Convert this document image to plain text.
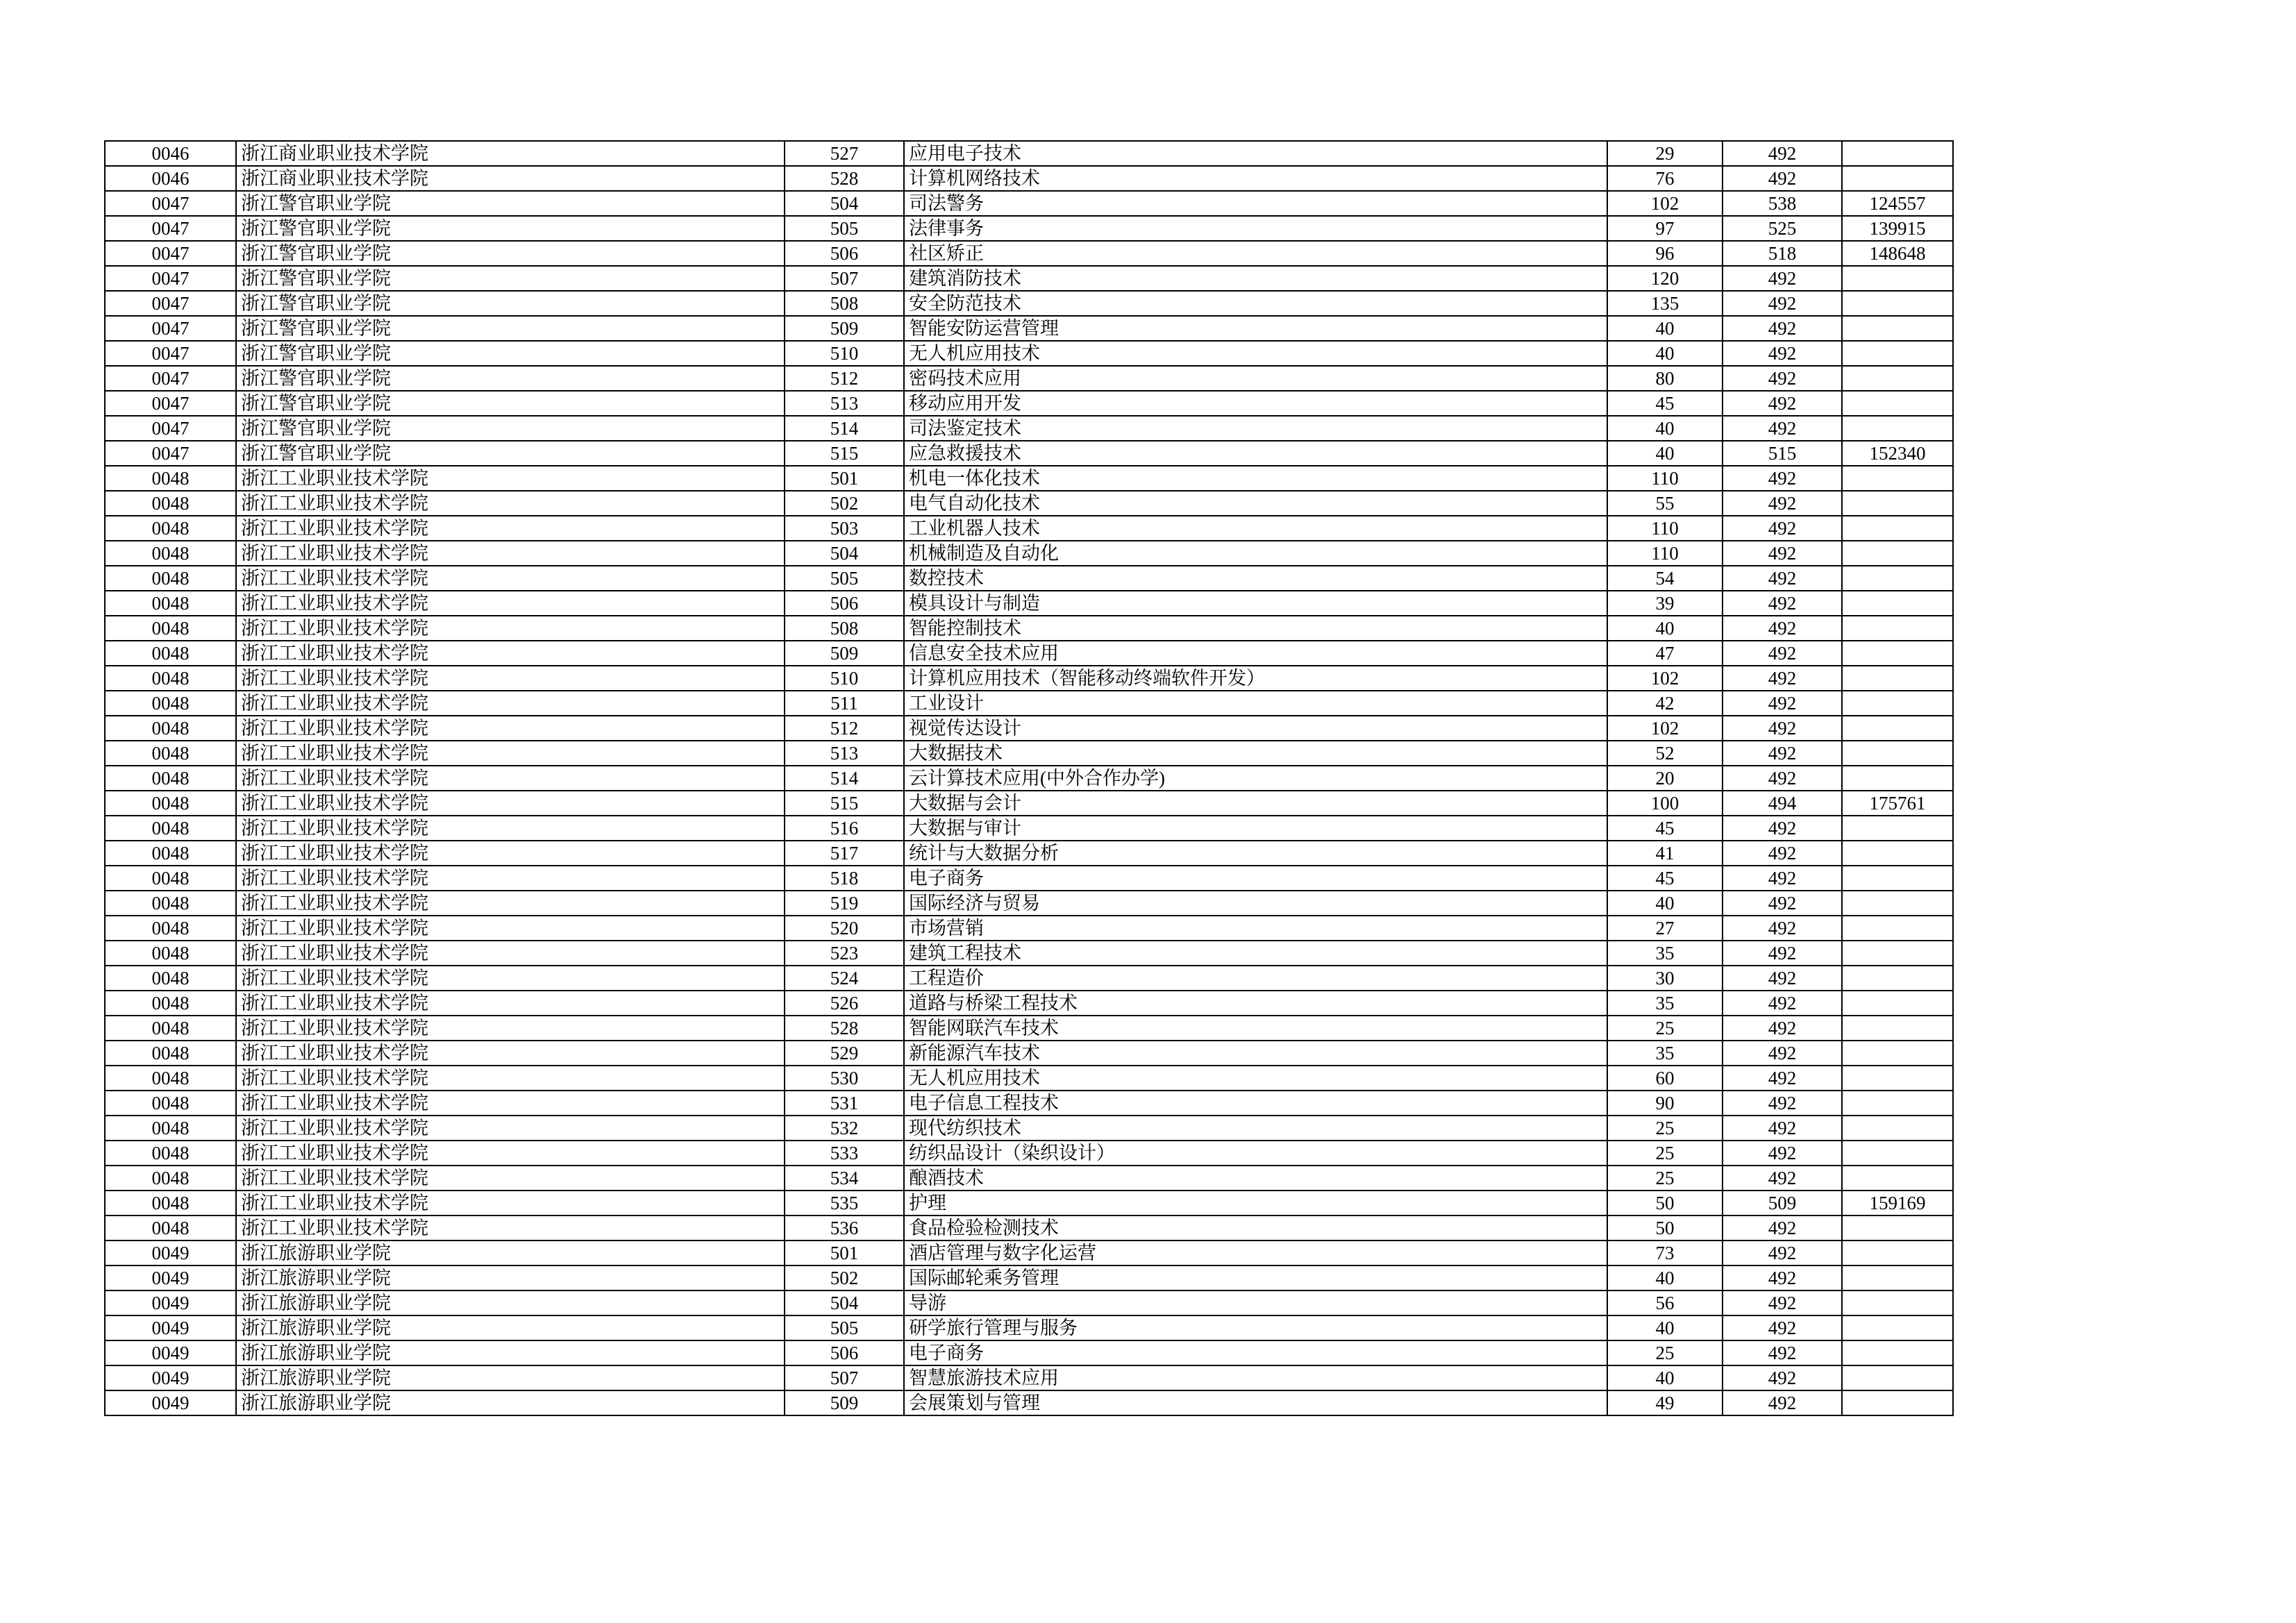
0046	浙江商业职业技术学院	527	应用电子技术	29	492	
0046	浙江商业职业技术学院	528	计算机网络技术	76	492	
0047	浙江警官职业学院	504	司法警务	102	538	124557
0047	浙江警官职业学院	505	法律事务	97	525	139915
0047	浙江警官职业学院	506	社区矫正	96	518	148648
0047	浙江警官职业学院	507	建筑消防技术	120	492	
0047	浙江警官职业学院	508	安全防范技术	135	492	
0047	浙江警官职业学院	509	智能安防运营管理	40	492	
0047	浙江警官职业学院	510	无人机应用技术	40	492	
0047	浙江警官职业学院	512	密码技术应用	80	492	
0047	浙江警官职业学院	513	移动应用开发	45	492	
0047	浙江警官职业学院	514	司法鉴定技术	40	492	
0047	浙江警官职业学院	515	应急救援技术	40	515	152340
0048	浙江工业职业技术学院	501	机电一体化技术	110	492	
0048	浙江工业职业技术学院	502	电气自动化技术	55	492	
0048	浙江工业职业技术学院	503	工业机器人技术	110	492	
0048	浙江工业职业技术学院	504	机械制造及自动化	110	492	
0048	浙江工业职业技术学院	505	数控技术	54	492	
0048	浙江工业职业技术学院	506	模具设计与制造	39	492	
0048	浙江工业职业技术学院	508	智能控制技术	40	492	
0048	浙江工业职业技术学院	509	信息安全技术应用	47	492	
0048	浙江工业职业技术学院	510	计算机应用技术（智能移动终端软件开发）	102	492	
0048	浙江工业职业技术学院	511	工业设计	42	492	
0048	浙江工业职业技术学院	512	视觉传达设计	102	492	
0048	浙江工业职业技术学院	513	大数据技术	52	492	
0048	浙江工业职业技术学院	514	云计算技术应用(中外合作办学)	20	492	
0048	浙江工业职业技术学院	515	大数据与会计	100	494	175761
0048	浙江工业职业技术学院	516	大数据与审计	45	492	
0048	浙江工业职业技术学院	517	统计与大数据分析	41	492	
0048	浙江工业职业技术学院	518	电子商务	45	492	
0048	浙江工业职业技术学院	519	国际经济与贸易	40	492	
0048	浙江工业职业技术学院	520	市场营销	27	492	
0048	浙江工业职业技术学院	523	建筑工程技术	35	492	
0048	浙江工业职业技术学院	524	工程造价	30	492	
0048	浙江工业职业技术学院	526	道路与桥梁工程技术	35	492	
0048	浙江工业职业技术学院	528	智能网联汽车技术	25	492	
0048	浙江工业职业技术学院	529	新能源汽车技术	35	492	
0048	浙江工业职业技术学院	530	无人机应用技术	60	492	
0048	浙江工业职业技术学院	531	电子信息工程技术	90	492	
0048	浙江工业职业技术学院	532	现代纺织技术	25	492	
0048	浙江工业职业技术学院	533	纺织品设计（染织设计）	25	492	
0048	浙江工业职业技术学院	534	酿酒技术	25	492	
0048	浙江工业职业技术学院	535	护理	50	509	159169
0048	浙江工业职业技术学院	536	食品检验检测技术	50	492	
0049	浙江旅游职业学院	501	酒店管理与数字化运营	73	492	
0049	浙江旅游职业学院	502	国际邮轮乘务管理	40	492	
0049	浙江旅游职业学院	504	导游	56	492	
0049	浙江旅游职业学院	505	研学旅行管理与服务	40	492	
0049	浙江旅游职业学院	506	电子商务	25	492	
0049	浙江旅游职业学院	507	智慧旅游技术应用	40	492	
0049	浙江旅游职业学院	509	会展策划与管理	49	492	
